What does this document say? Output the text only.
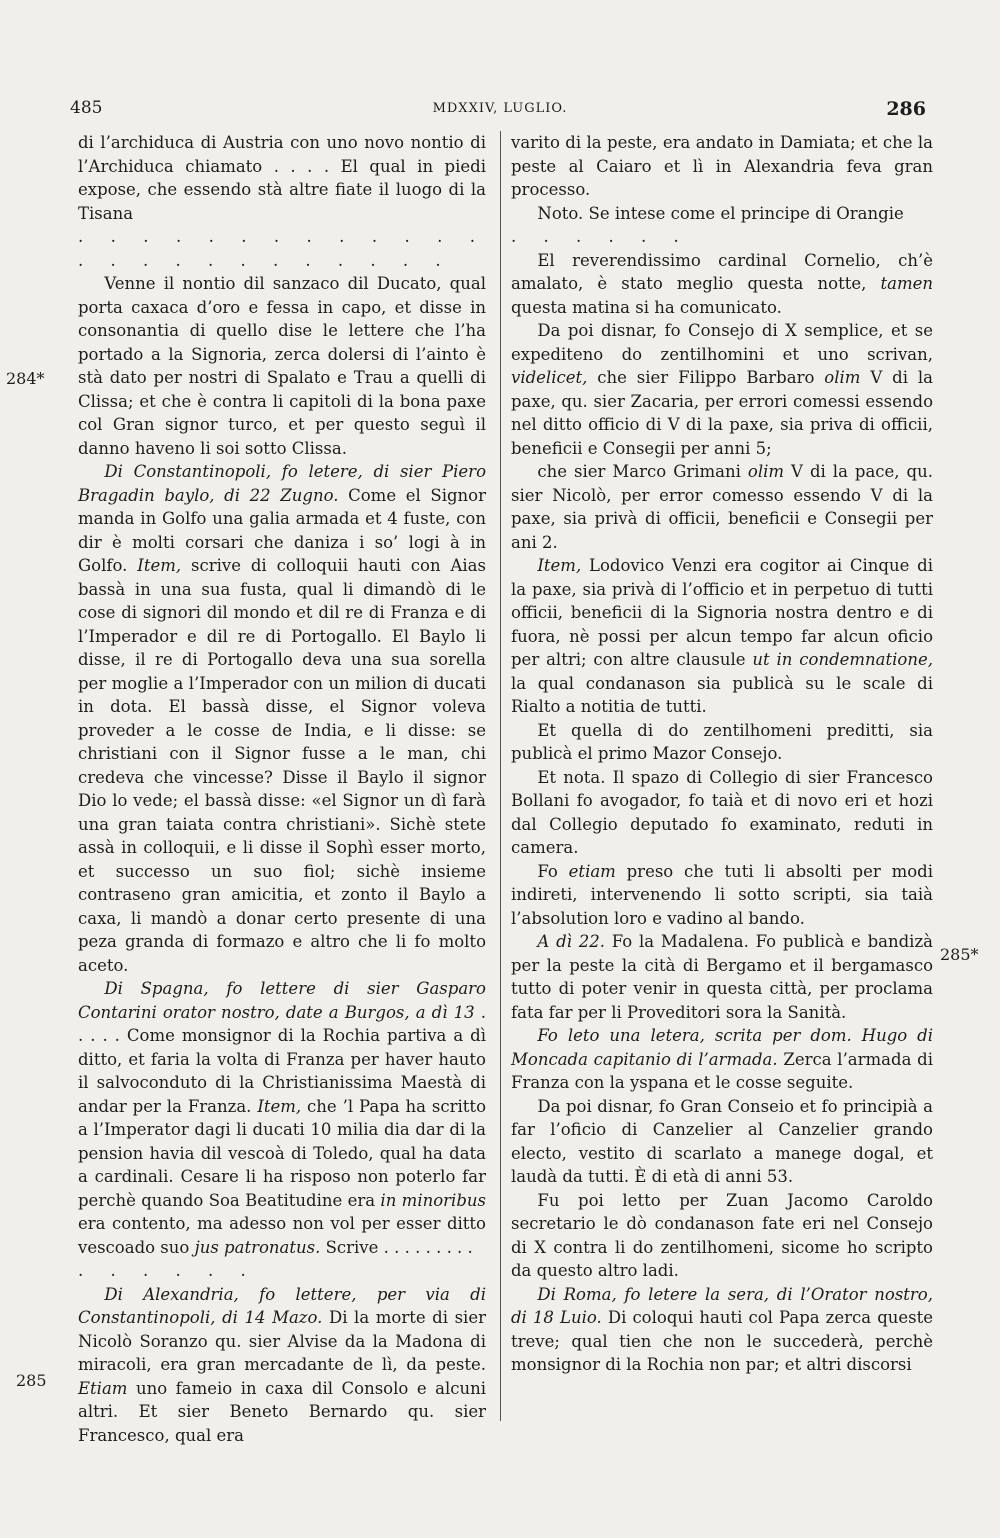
485	MDXXIV, LUGLIO.	286
284*
285
285*

di l’archiduca di Austria con uno novo nontio di l’Archiduca chiamato . . . . El qual in piedi expose, che essendo stà altre fiate il luogo di la Tisana

. . . . . . . . . . . . . . . . . . . . . . . . .

Venne il nontio dil sanzaco dil Ducato, qual porta caxaca d’oro e fessa in capo, et disse in consonantia di quello dise le lettere che l’ha portado a la Signoria, zerca dolersi di l’ainto è stà dato per nostri di Spalato e Trau a quelli di Clissa; et che è contra li capitoli di la bona paxe col Gran signor turco, et per questo seguì il danno haveno li soi sotto Clissa.

Di Constantinopoli, fo letere, di sier Piero Bragadin baylo, di 22 Zugno. Come el Signor manda in Golfo una galia armada et 4 fuste, con dir è molti corsari che daniza i so’ logi à in Golfo. Item, scrive di colloquii hauti con Aias bassà in una sua fusta, qual li dimandò di le cose di signori dil mondo et dil re di Franza e di l’Imperador e dil re di Portogallo. El Baylo li disse, il re di Portogallo deva una sua sorella per moglie a l’Imperador con un milion di ducati in dota. El bassà disse, el Signor voleva proveder a le cosse de India, e li disse: se christiani con il Signor fusse a le man, chi credeva che vincesse? Disse il Baylo il signor Dio lo vede; el bassà disse: «el Signor un dì farà una gran taiata contra christiani». Sichè stete assà in colloquii, e li disse il Sophì esser morto, et successo un suo fiol; sichè insieme contraseno gran amicitia, et zonto il Baylo a caxa, li mandò a donar certo presente di una peza granda di formazo e altro che li fo molto aceto.

Di Spagna, fo lettere di sier Gasparo Contarini orator nostro, date a Burgos, a dì 13 . . . . . Come monsignor di la Rochia partiva a dì ditto, et faria la volta di Franza per haver hauto il salvoconduto di la Christianissima Maestà di andar per la Franza. Item, che ’l Papa ha scritto a l’Imperator dagi li ducati 10 milia dia dar di la pension havia dil vescoà di Toledo, qual ha data a cardinali. Cesare li ha risposo non poterlo far perchè quando Soa Beatitudine era in minoribus era contento, ma adesso non vol per esser ditto vescoado suo jus patronatus. Scrive . . . . . . . . .

. . . . . .

Di Alexandria, fo lettere, per via di Constantinopoli, di 14 Mazo. Di la morte di sier Nicolò Soranzo qu. sier Alvise da la Madona di miracoli, era gran mercadante de lì, da peste. Etiam uno fameio in caxa dil Consolo e alcuni altri. Et sier Beneto Bernardo qu. sier Francesco, qual era

varito di la peste, era andato in Damiata; et che la peste al Caiaro et lì in Alexandria feva gran processo.

Noto. Se intese come el principe di Orangie

. . . . . .

El reverendissimo cardinal Cornelio, ch’è amalato, è stato meglio questa notte, tamen questa matina si ha comunicato.

Da poi disnar, fo Consejo di X semplice, et se expediteno do zentilhomini et uno scrivan, videlicet, che sier Filippo Barbaro olim V di la paxe, qu. sier Zacaria, per errori comessi essendo nel ditto officio di V di la paxe, sia priva di officii, beneficii e Consegii per anni 5;

che sier Marco Grimani olim V di la pace, qu. sier Nicolò, per error comesso essendo V di la paxe, sia privà di officii, beneficii e Consegii per ani 2.

Item, Lodovico Venzi era cogitor ai Cinque di la paxe, sia privà di l’officio et in perpetuo di tutti officii, beneficii di la Signoria nostra dentro e di fuora, nè possi per alcun tempo far alcun oficio per altri; con altre clausule ut in condemnatione, la qual condanason sia publicà su le scale di Rialto a notitia de tutti.

Et quella di do zentilhomeni preditti, sia publicà el primo Mazor Consejo.

Et nota. Il spazo di Collegio di sier Francesco Bollani fo avogador, fo taià et di novo eri et hozi dal Collegio deputado fo examinato, reduti in camera.

Fo etiam preso che tuti li absolti per modi indireti, intervenendo li sotto scripti, sia taià l’absolution loro e vadino al bando.

A dì 22. Fo la Madalena. Fo publicà e bandizà per la peste la cità di Bergamo et il bergamasco tutto di poter venir in questa città, per proclama fata far per li Proveditori sora la Sanità.

Fo leto una letera, scrita per dom. Hugo di Moncada capitanio di l’armada. Zerca l’armada di Franza con la yspana et le cosse seguite.

Da poi disnar, fo Gran Conseio et fo principià a far l’oficio di Canzelier al Canzelier grando electo, vestito di scarlato a manege dogal, et laudà da tutti. È di età di anni 53.

Fu poi letto per Zuan Jacomo Caroldo secretario le dò condanason fate eri nel Consejo di X contra li do zentilhomeni, sicome ho scripto da questo altro ladi.

Di Roma, fo letere la sera, di l’Orator nostro, di 18 Luio. Di coloqui hauti col Papa zerca queste treve; qual tien che non le succederà, perchè monsignor di la Rochia non par; et altri discorsi
